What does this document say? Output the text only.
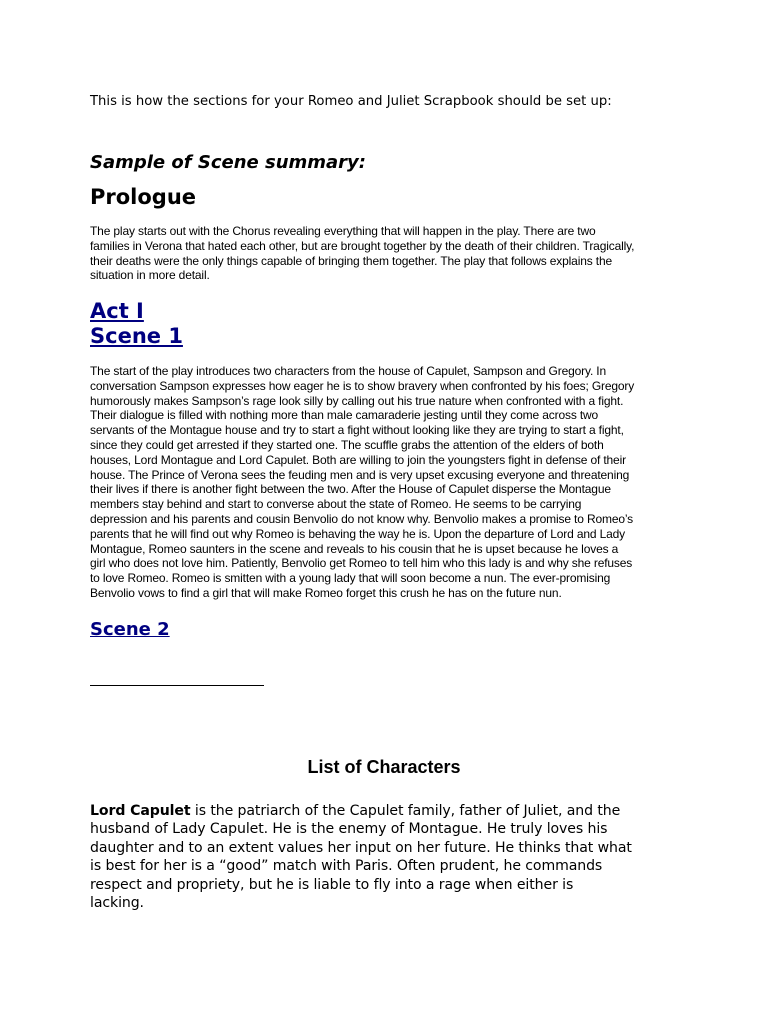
This is how the sections for your Romeo and Juliet Scrapbook should be set up:

Sample of Scene summary:
Prologue
The play starts out with the Chorus revealing everything that will happen in the play. There are two
families in Verona that hated each other, but are brought together by the death of their children. Tragically,
their deaths were the only things capable of bringing them together. The play that follows explains the
situation in more detail.
Act I
Scene 1
The start of the play introduces two characters from the house of Capulet, Sampson and Gregory. In
conversation Sampson expresses how eager he is to show bravery when confronted by his foes; Gregory
humorously makes Sampson’s rage look silly by calling out his true nature when confronted with a fight.
Their dialogue is filled with nothing more than male camaraderie jesting until they come across two
servants of the Montague house and try to start a fight without looking like they are trying to start a fight,
since they could get arrested if they started one. The scuffle grabs the attention of the elders of both
houses, Lord Montague and Lord Capulet. Both are willing to join the youngsters fight in defense of their
house. The Prince of Verona sees the feuding men and is very upset excusing everyone and threatening
their lives if there is another fight between the two. After the House of Capulet disperse the Montague
members stay behind and start to converse about the state of Romeo. He seems to be carrying
depression and his parents and cousin Benvolio do not know why. Benvolio makes a promise to Romeo’s
parents that he will find out why Romeo is behaving the way he is. Upon the departure of Lord and Lady
Montague, Romeo saunters in the scene and reveals to his cousin that he is upset because he loves a
girl who does not love him. Patiently, Benvolio get Romeo to tell him who this lady is and why she refuses
to love Romeo. Romeo is smitten with a young lady that will soon become a nun. The ever-promising
Benvolio vows to find a girl that will make Romeo forget this crush he has on the future nun.
Scene 2
List of Characters
Lord Capulet is the patriarch of the Capulet family, father of Juliet, and the
husband of Lady Capulet. He is the enemy of Montague. He truly loves his
daughter and to an extent values her input on her future. He thinks that what
is best for her is a “good” match with Paris. Often prudent, he commands
respect and propriety, but he is liable to fly into a rage when either is
lacking.
